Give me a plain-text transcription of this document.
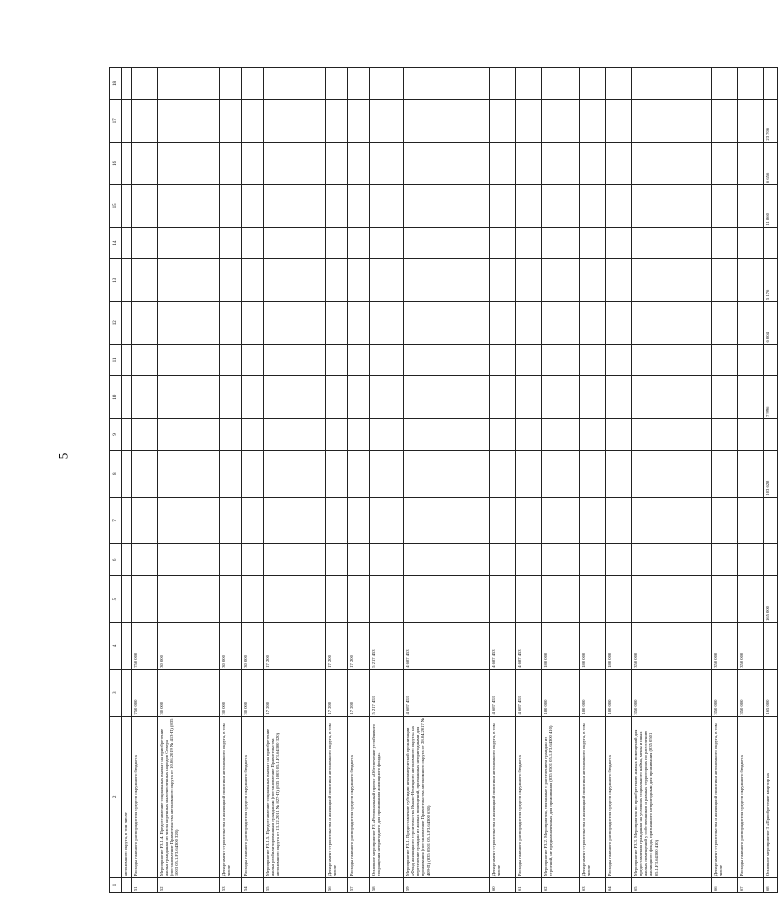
5
1	2	3	4	5	6	7	8	9	10	11	12	13	14	15	16	17	18
	автономного округа, в том числе																
51	Расходы главного распорядителя средств окружного бюджета	750 000	750 000														
52	Мероприятие F3.1.4. Предоставление социальных выплат на приобретение жилья гражданам из числа коренных малочисленных народов Севера (постановление Правительства автономного округа от 10.06.2019 № 413-П) (835 1003 05.1.F3.64300 320)	30 000	30 000														
53	Департамент строительства и жилищной политики автономного округа, в том числе	30 000	30 000														
54	Расходы главного распорядителя средств окружного бюджета	30 000	30 000														
55	Мероприятие F3.1.5. Предоставление социальных выплат на приобретение жилья реабилитированным гражданам (постановление Правительства автономного округа от 13.12.2011 № 827-П) (835 1003 05.1.F3.64300 320)	17 200	17 200														
56	Департамент строительства и жилищной политики автономного округа, в том числе	17 200	17 200														
57	Расходы главного распорядителя средств окружного бюджета	17 200	17 200														
58	Основное мероприятие F3 «Региональный проект «Обеспечение устойчивого сокращения непригодного для проживания жилищного фонда»	5 217 453	5 217 453														
59	Мероприятие F3.1. Предоставление субсидии некоммерческой организации «Фонд жилищного строительства Ямало-Ненецкого автономного округа» на переселение граждан из жилых помещений, признанных непригодными для проживания (постановление Правительства автономного округа от 28.04.2017 № 409-П) (835 0501 05.1.F3.64300 630)	4 687 453	4 687 453														
60	Департамент строительства и жилищной политики автономного округа, в том числе	4 687 453	4 687 453														
61	Расходы главного распорядителя средств окружного бюджета	4 687 453	4 687 453														
62	Мероприятие F3.2. Мероприятия, связанные с расселением граждан из строений, не предназначенных для проживания (835 0501 05.1.F3.64300 410)	180 000	180 000														
63	Департамент строительства и жилищной политики автономного округа, в том числе	180 000	180 000														
64	Расходы главного распорядителя средств окружного бюджета	180 000	180 000														
65	Мероприятие F3.3. Мероприятия по приобретению жилых помещений для предоставления гражданам на условиях социального найма, мены и иных жилых помещений у собственников и равных территориях по расселению жилищного фонда, признанного непригодным для проживания (835 0501 05.1.F3.64300 410)	350 000	350 000														
66	Департамент строительства и жилищной политики автономного округа, в том числе	350 000	350 000														
67	Расходы главного распорядителя средств окружного бюджета	350 000	350 000														
68	Основное мероприятие 3 «Приобретение квартир на	165 000		165 000			103 628		7 996		6 004	5 176		11 860	6 656	23 706	
